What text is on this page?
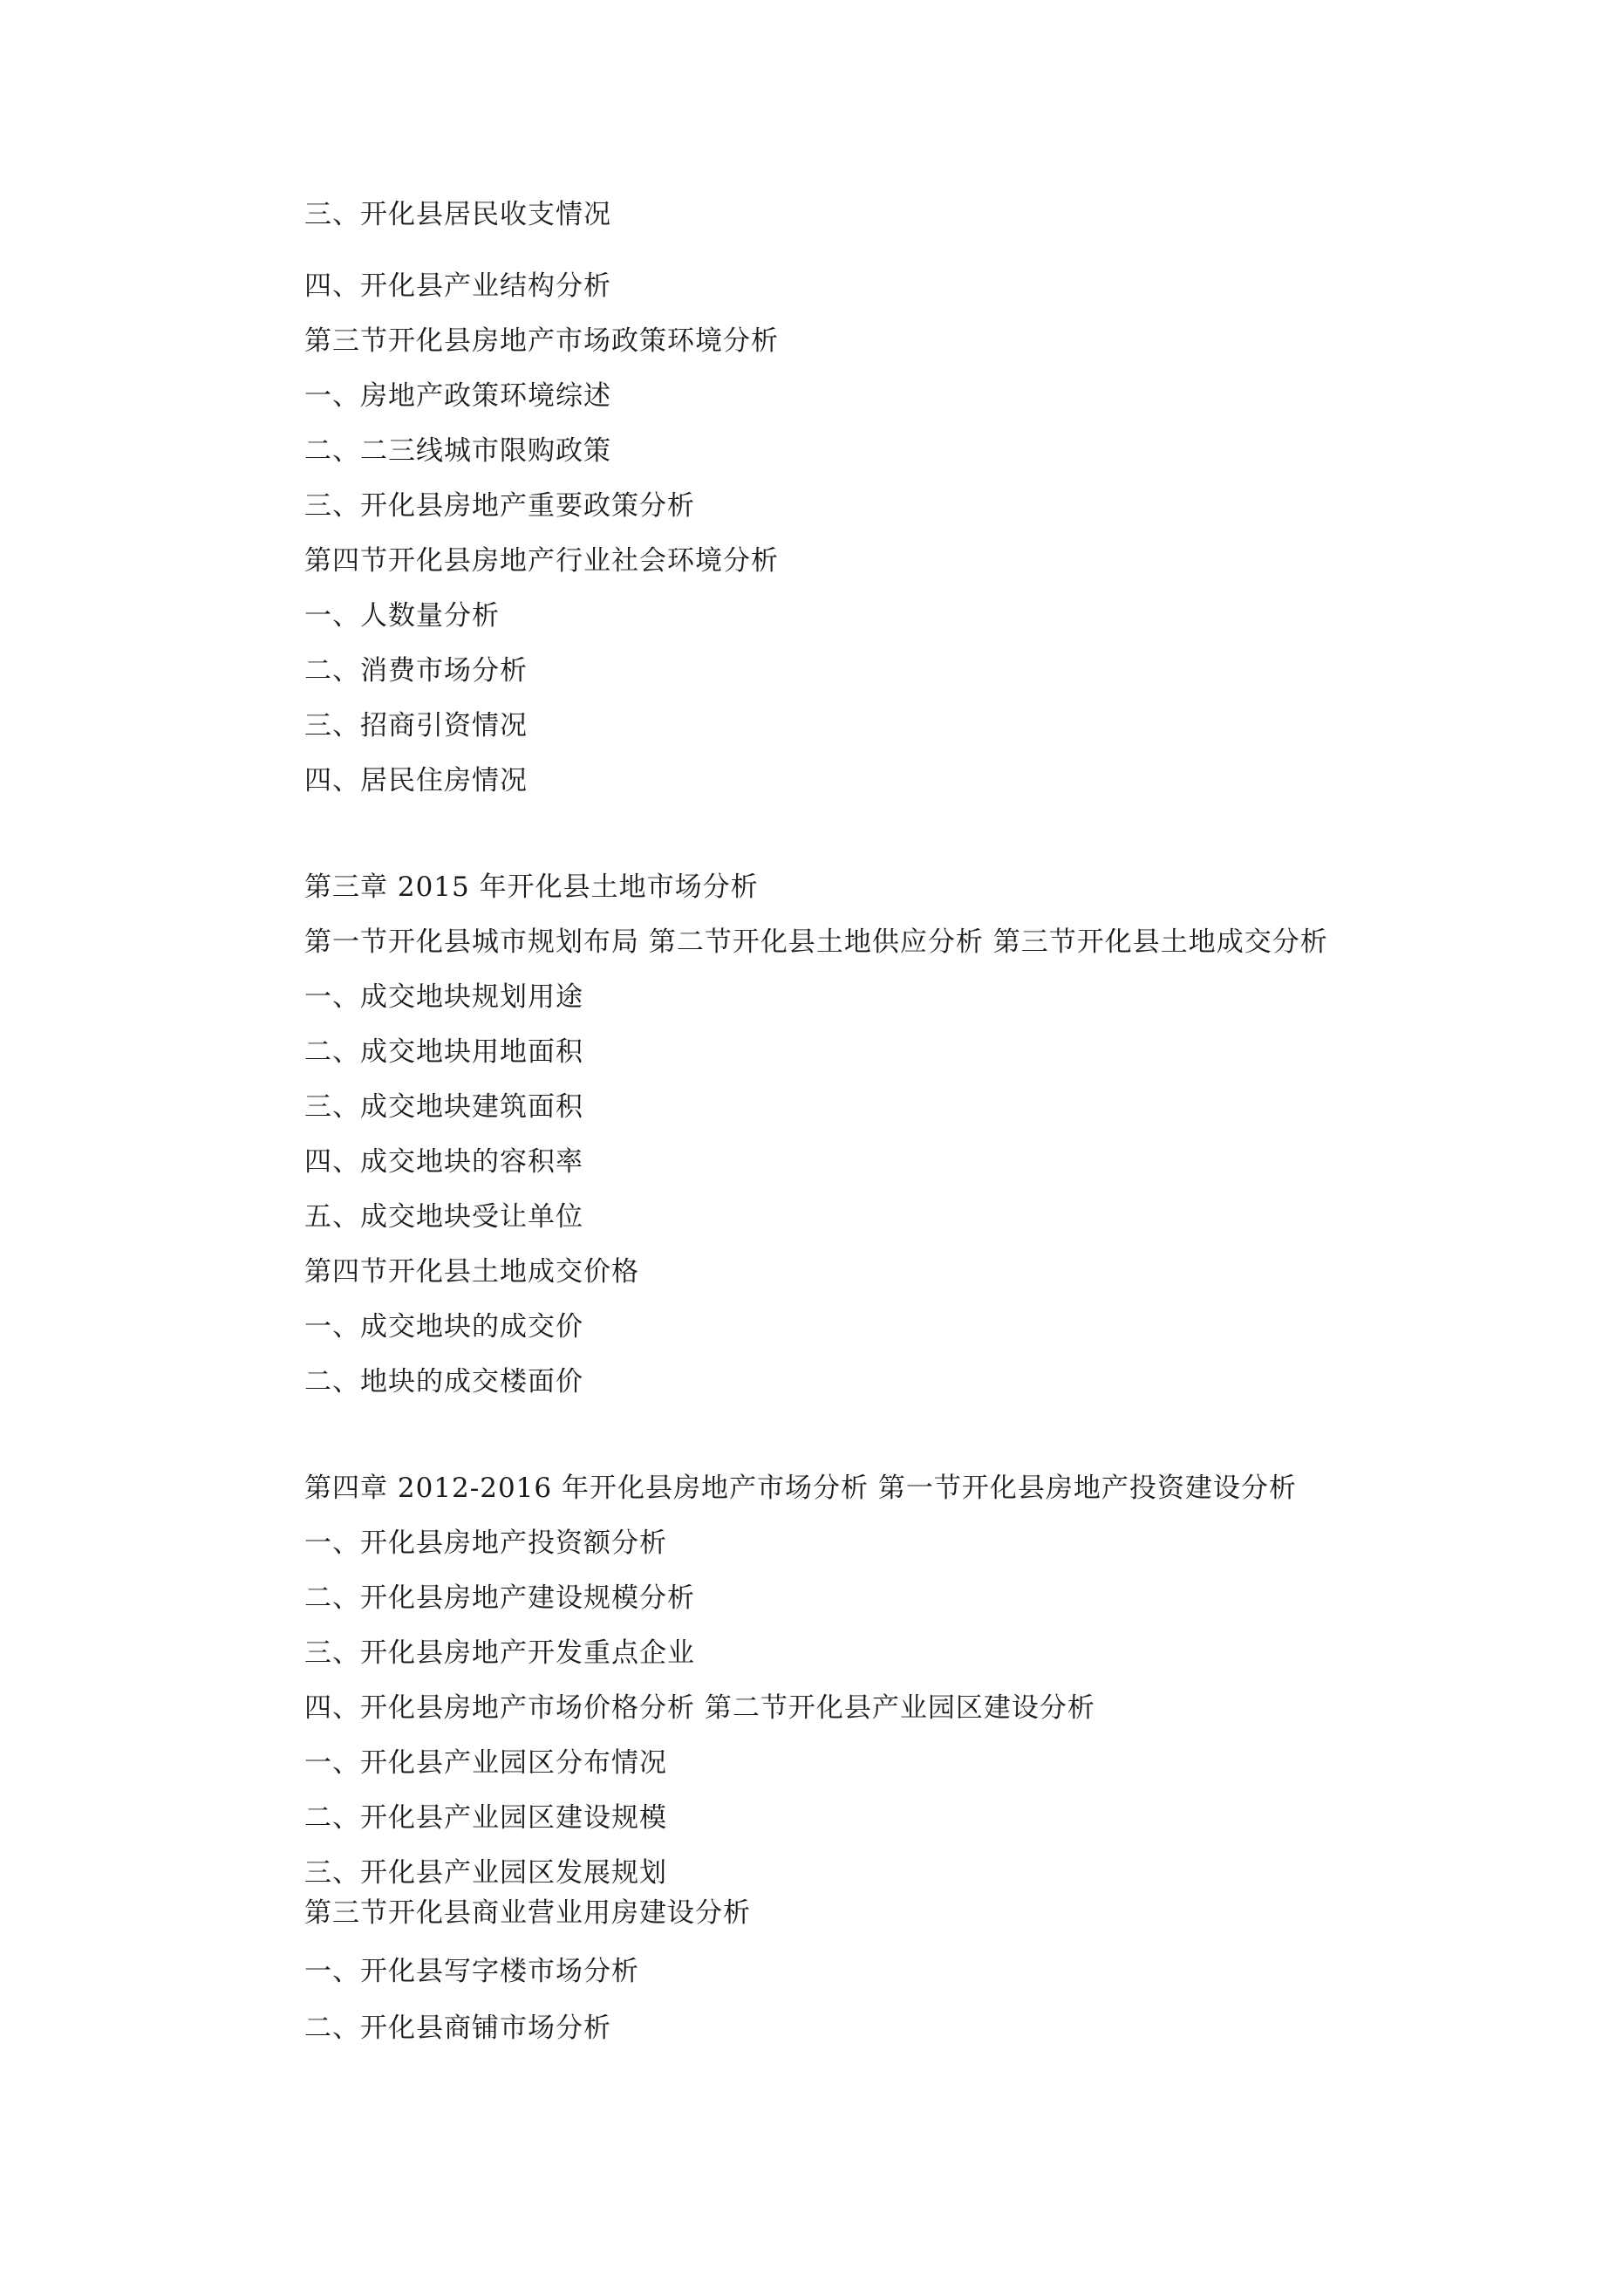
三、开化县居民收支情况

四、开化县产业结构分析

第三节开化县房地产市场政策环境分析

一、房地产政策环境综述

二、二三线城市限购政策

三、开化县房地产重要政策分析

第四节开化县房地产行业社会环境分析

一、人数量分析

二、消费市场分析

三、招商引资情况

四、居民住房情况

第三章 2015 年开化县土地市场分析

第一节开化县城市规划布局 第二节开化县土地供应分析 第三节开化县土地成交分析

一、成交地块规划用途

二、成交地块用地面积

三、成交地块建筑面积

四、成交地块的容积率

五、成交地块受让单位

第四节开化县土地成交价格

一、成交地块的成交价

二、地块的成交楼面价

第四章 2012-2016 年开化县房地产市场分析 第一节开化县房地产投资建设分析

一、开化县房地产投资额分析

二、开化县房地产建设规模分析

三、开化县房地产开发重点企业

四、开化县房地产市场价格分析 第二节开化县产业园区建设分析

一、开化县产业园区分布情况

二、开化县产业园区建设规模

三、开化县产业园区发展规划

第三节开化县商业营业用房建设分析

一、开化县写字楼市场分析

二、开化县商铺市场分析
